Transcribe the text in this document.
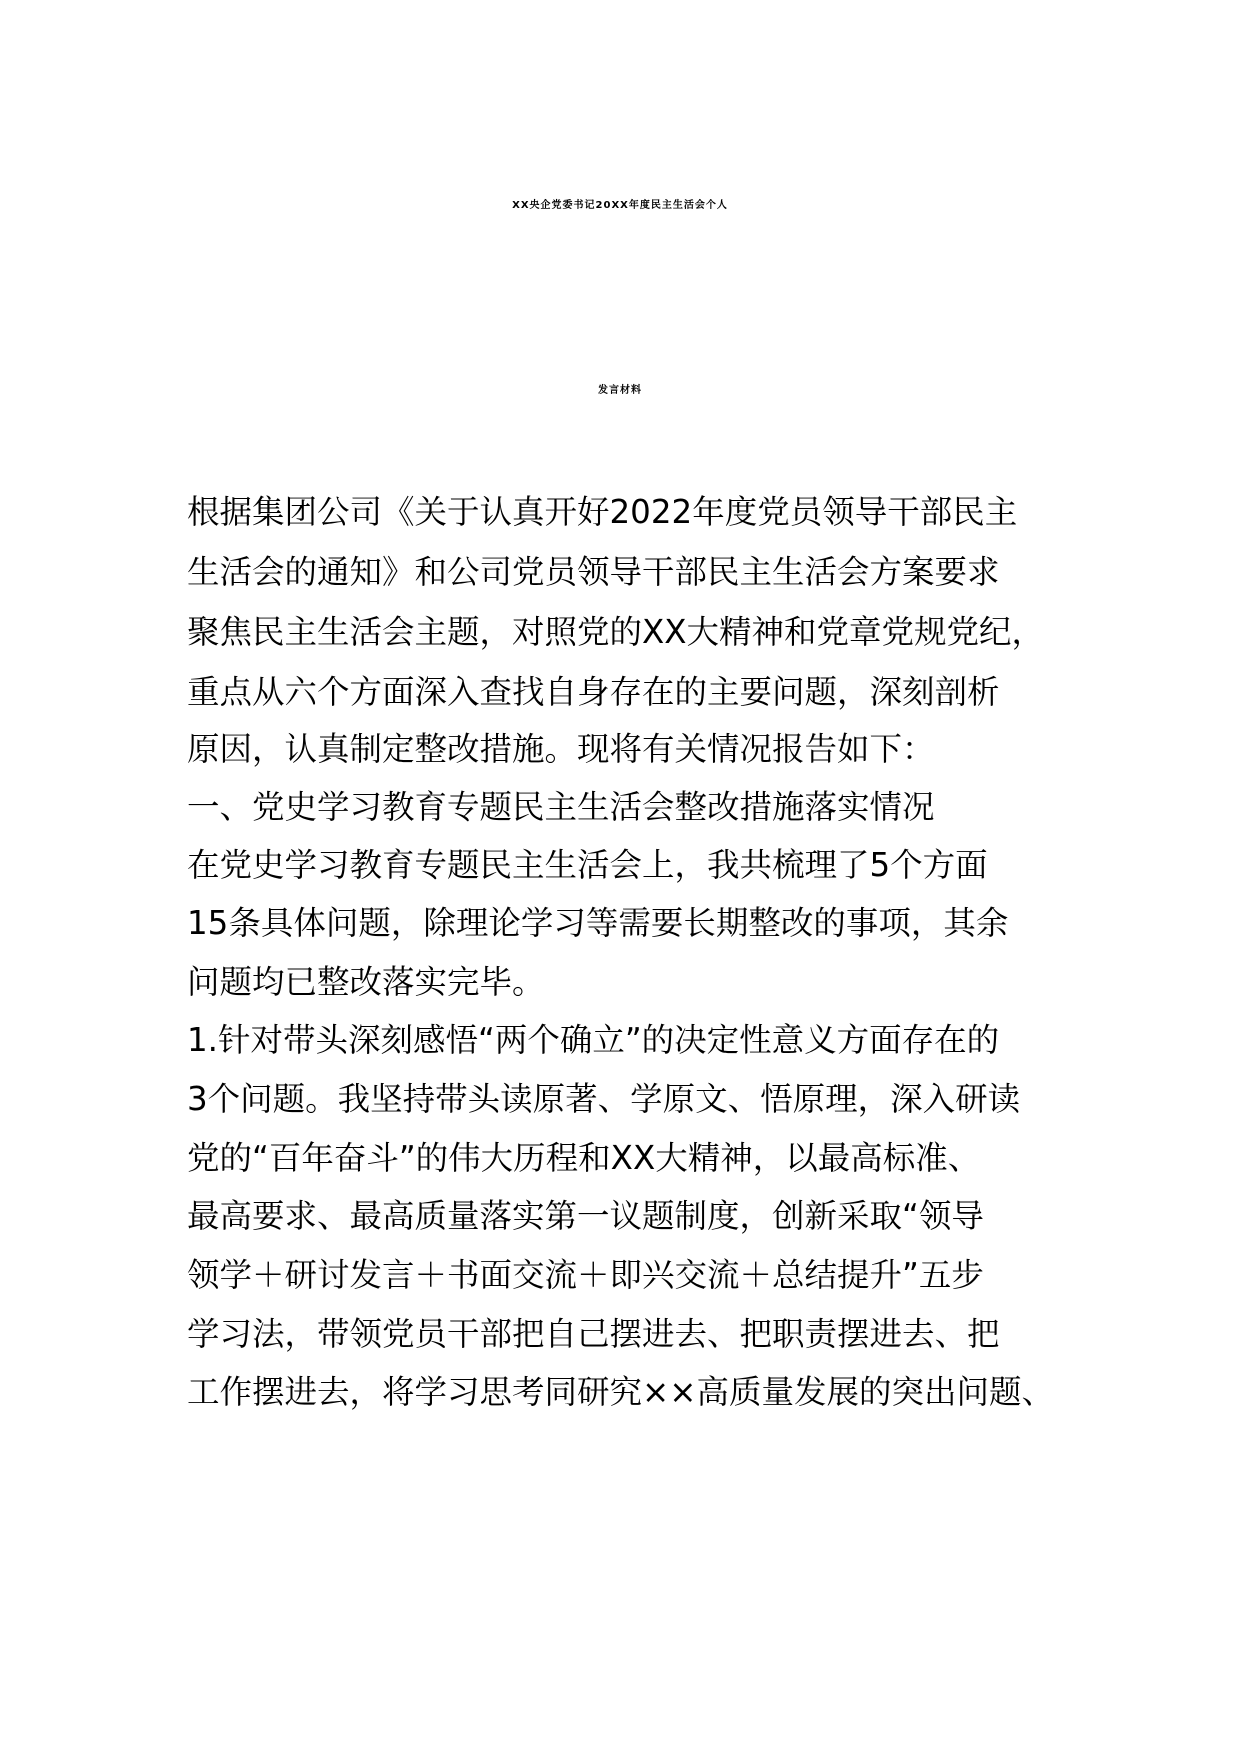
XX央企党委书记20XX年度民主生活会个人
发言材料
根据集团公司《关于认真开好2022年度党员领导干部民主
生活会的通知》和公司党员领导干部民主生活会方案要求
聚焦民主生活会主题，对照党的XX大精神和党章党规党纪，
重点从六个方面深入查找自身存在的主要问题，深刻剖析
原因，认真制定整改措施。现将有关情况报告如下：
一、党史学习教育专题民主生活会整改措施落实情况
在党史学习教育专题民主生活会上，我共梳理了5个方面
15条具体问题，除理论学习等需要长期整改的事项，其余
问题均已整改落实完毕。
1.针对带头深刻感悟“两个确立”的决定性意义方面存在的
3个问题。我坚持带头读原著、学原文、悟原理，深入研读
党的“百年奋斗”的伟大历程和XX大精神，以最高标准、
最高要求、最高质量落实第一议题制度，创新采取“领导
领学＋研讨发言＋书面交流＋即兴交流＋总结提升”五步
学习法，带领党员干部把自己摆进去、把职责摆进去、把
工作摆进去，将学习思考同研究××高质量发展的突出问题、
